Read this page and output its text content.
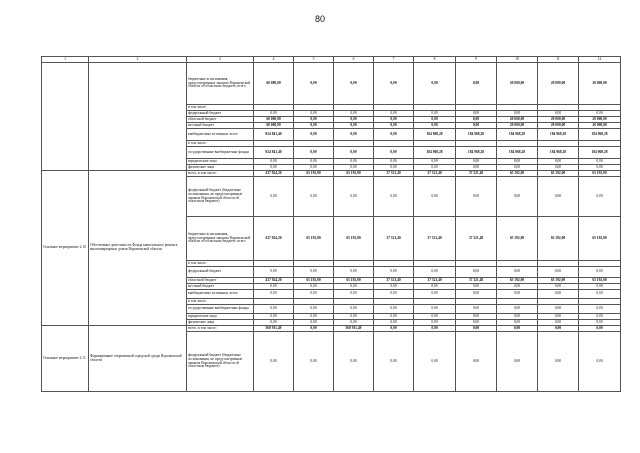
80
1	2	3	4	5	6	7	8	9	10	11	12
		бюджетные ассигнования, предусмотренные законом Воронежской области об областном бюджете, всего	60 000,00	0,00	0,00	0,00	0,00	0,00	20 000,00	20 000,00	20 000,00
		в том числе:									
		федеральный бюджет	0,00	0,00	0,00	0,00	0,00	0,00	0,00	0,00	0,00
		областной бюджет	60 000,00	0,00	0,00	0,00	0,00	0,00	20 000,00	20 000,00	20 000,00
		местный бюджет	60 000,00	0,00	0,00	0,00	0,00	0,00	20 000,00	20 000,00	20 000,00
		внебюджетные источники, всего	924 841,40	0,00	0,00	0,00	184 968,28	184 968,28	184 968,28	184 968,28	184 968,28
		в том числе:									
		государственные внебюджетные фонды	924 841,40	0,00	0,00	0,00	184 968,28	184 968,28	184 968,28	184 968,28	184 968,28
		юридические лица	0,00	0,00	0,00	0,00	0,00	0,00	0,00	0,00	0,00
		физические лица	0,00	0,00	0,00	0,00	0,00	0,00	0,00	0,00	0,00
Основное мероприятие 2.10	Обеспечение деятельности Фонда капитального ремонта многоквартирных домов Воронежской области	всего, в том числе:	437 924,20	65 192,00	65 192,00	37 321,40	37 321,40	37 321,40	65 192,00	65 192,00	65 192,00
		федеральный бюджет (бюджетные ассигнования, не предусмотренные законом Воронежской области об областном бюджете)	0,00	0,00	0,00	0,00	0,00	0,00	0,00	0,00	0,00
		бюджетные ассигнования, предусмотренные законом Воронежской области об областном бюджете, всего	437 924,20	65 192,00	65 192,00	37 321,40	37 321,40	37 321,40	65 192,00	65 192,00	65 192,00
		в том числе:									
		федеральный бюджет	0,00	0,00	0,00	0,00	0,00	0,00	0,00	0,00	0,00
		областной бюджет	437 924,20	65 192,00	65 192,00	37 321,40	37 321,40	37 321,40	65 192,00	65 192,00	65 192,00
		местный бюджет	0,00	0,00	0,00	0,00	0,00	0,00	0,00	0,00	0,00
		внебюджетные источники, всего	0,00	0,00	0,00	0,00	0,00	0,00	0,00	0,00	0,00
		в том числе:									
		государственные внебюджетные фонды	0,00	0,00	0,00	0,00	0,00	0,00	0,00	0,00	0,00
		юридические лица	0,00	0,00	0,00	0,00	0,00	0,00	0,00	0,00	0,00
		физические лица	0,00	0,00	0,00	0,00	0,00	0,00	0,00	0,00	0,00
Основное мероприятие 2.11	Формирование современной городской среды Воронежской области	всего, в том числе:	568 911,49	0,00	568 911,49	0,00	0,00	0,00	0,00	0,00	0,00
		федеральный бюджет (бюджетные ассигнования, не предусмотренные законом Воронежской области об областном бюджете)	0,00	0,00	0,00	0,00	0,00	0,00	0,00	0,00	0,00
